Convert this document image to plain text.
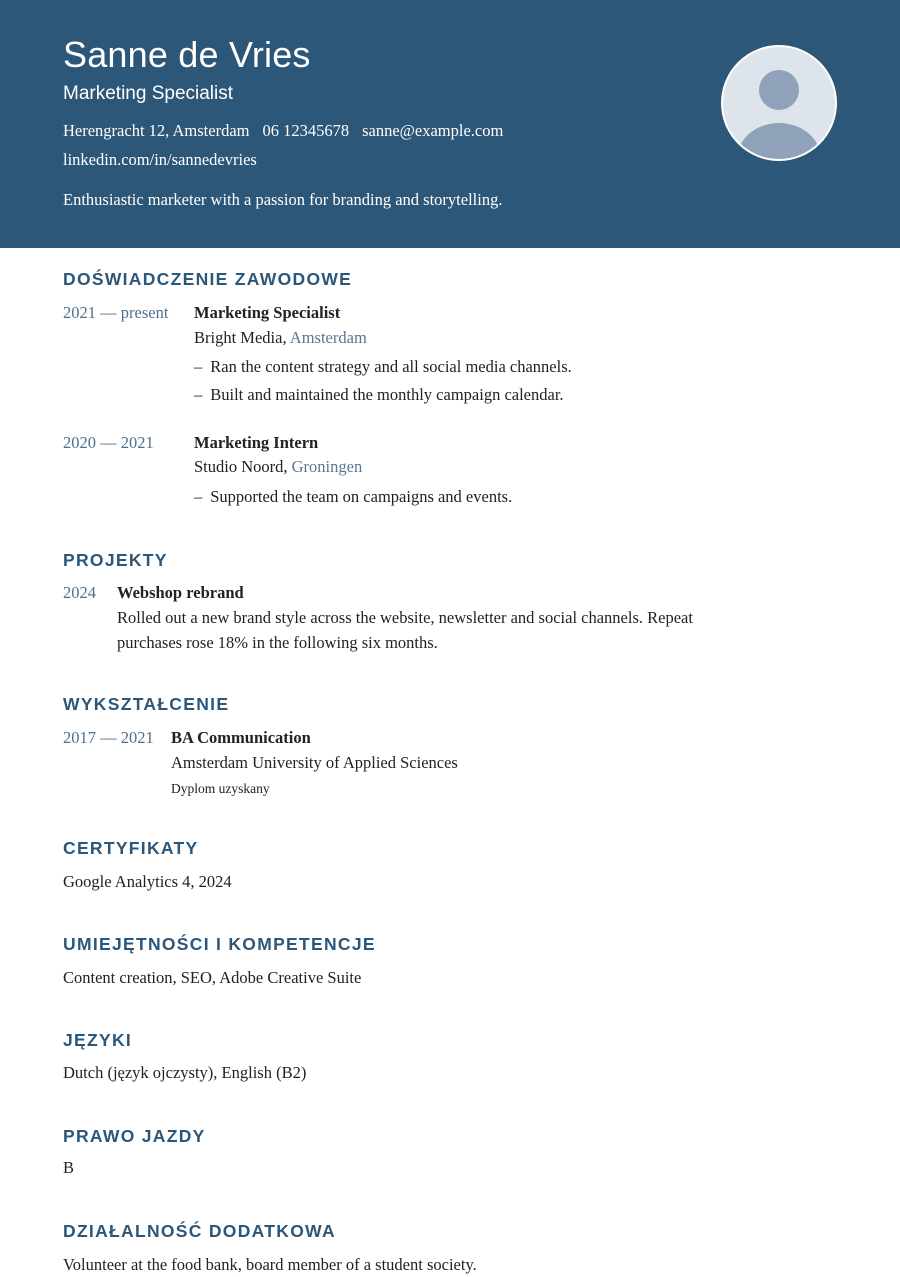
Sanne de Vries
Marketing Specialist
Herengracht 12, Amsterdam 06 12345678 sanne@example.com
linkedin.com/in/sannedevries
Enthusiastic marketer with a passion for branding and storytelling.
DOŚWIADCZENIE ZAWODOWE
2021 — present Marketing Specialist
Bright Media, Amsterdam
– Ran the content strategy and all social media channels.
– Built and maintained the monthly campaign calendar.
2020 — 2021 Marketing Intern
Studio Noord, Groningen
– Supported the team on campaigns and events.
PROJEKTY
2024 Webshop rebrand
Rolled out a new brand style across the website, newsletter and social channels. Repeat
purchases rose 18% in the following six months.
WYKSZTAŁCENIE
2017 — 2021 BA Communication
Amsterdam University of Applied Sciences
Dyplom uzyskany
CERTYFIKATY
Google Analytics 4, 2024
UMIEJĘTNOŚCI I KOMPETENCJE
Content creation, SEO, Adobe Creative Suite
JĘZYKI
Dutch (język ojczysty), English (B2)
PRAWO JAZDY
B
DZIAŁALNOŚĆ DODATKOWA
Volunteer at the food bank, board member of a student society.
